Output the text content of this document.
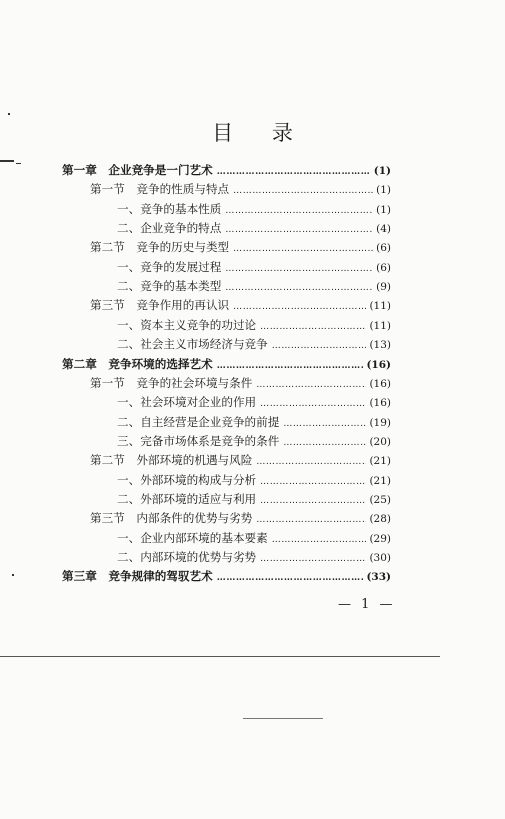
目 录
第一章　企业竞争是一门艺术 …………………………………………………………………………………………………………	(1)
第一节　竞争的性质与特点 …………………………………………………………………………………………………………	(1)
一、竞争的基本性质 …………………………………………………………………………………………………………	(1)
二、企业竞争的特点 …………………………………………………………………………………………………………	(4)
第二节　竞争的历史与类型 …………………………………………………………………………………………………………	(6)
一、竞争的发展过程 …………………………………………………………………………………………………………	(6)
二、竞争的基本类型 …………………………………………………………………………………………………………	(9)
第三节　竞争作用的再认识 …………………………………………………………………………………………………………	(11)
一、资本主义竞争的功过论 …………………………………………………………………………………………………………	(11)
二、社会主义市场经济与竞争 …………………………………………………………………………………………………………	(13)
第二章　竞争环境的选择艺术 …………………………………………………………………………………………………………	(16)
第一节　竞争的社会环境与条件 …………………………………………………………………………………………………………	(16)
一、社会环境对企业的作用 …………………………………………………………………………………………………………	(16)
二、自主经营是企业竞争的前提 …………………………………………………………………………………………………………	(19)
三、完备市场体系是竞争的条件 …………………………………………………………………………………………………………	(20)
第二节　外部环境的机遇与风险 …………………………………………………………………………………………………………	(21)
一、外部环境的构成与分析 …………………………………………………………………………………………………………	(21)
二、外部环境的适应与利用 …………………………………………………………………………………………………………	(25)
第三节　内部条件的优势与劣势 …………………………………………………………………………………………………………	(28)
一、企业内部环境的基本要素 …………………………………………………………………………………………………………	(29)
二、内部环境的优势与劣势 …………………………………………………………………………………………………………	(30)
第三章　竞争规律的驾驭艺术 …………………………………………………………………………………………………………	(33)
— 1 —
